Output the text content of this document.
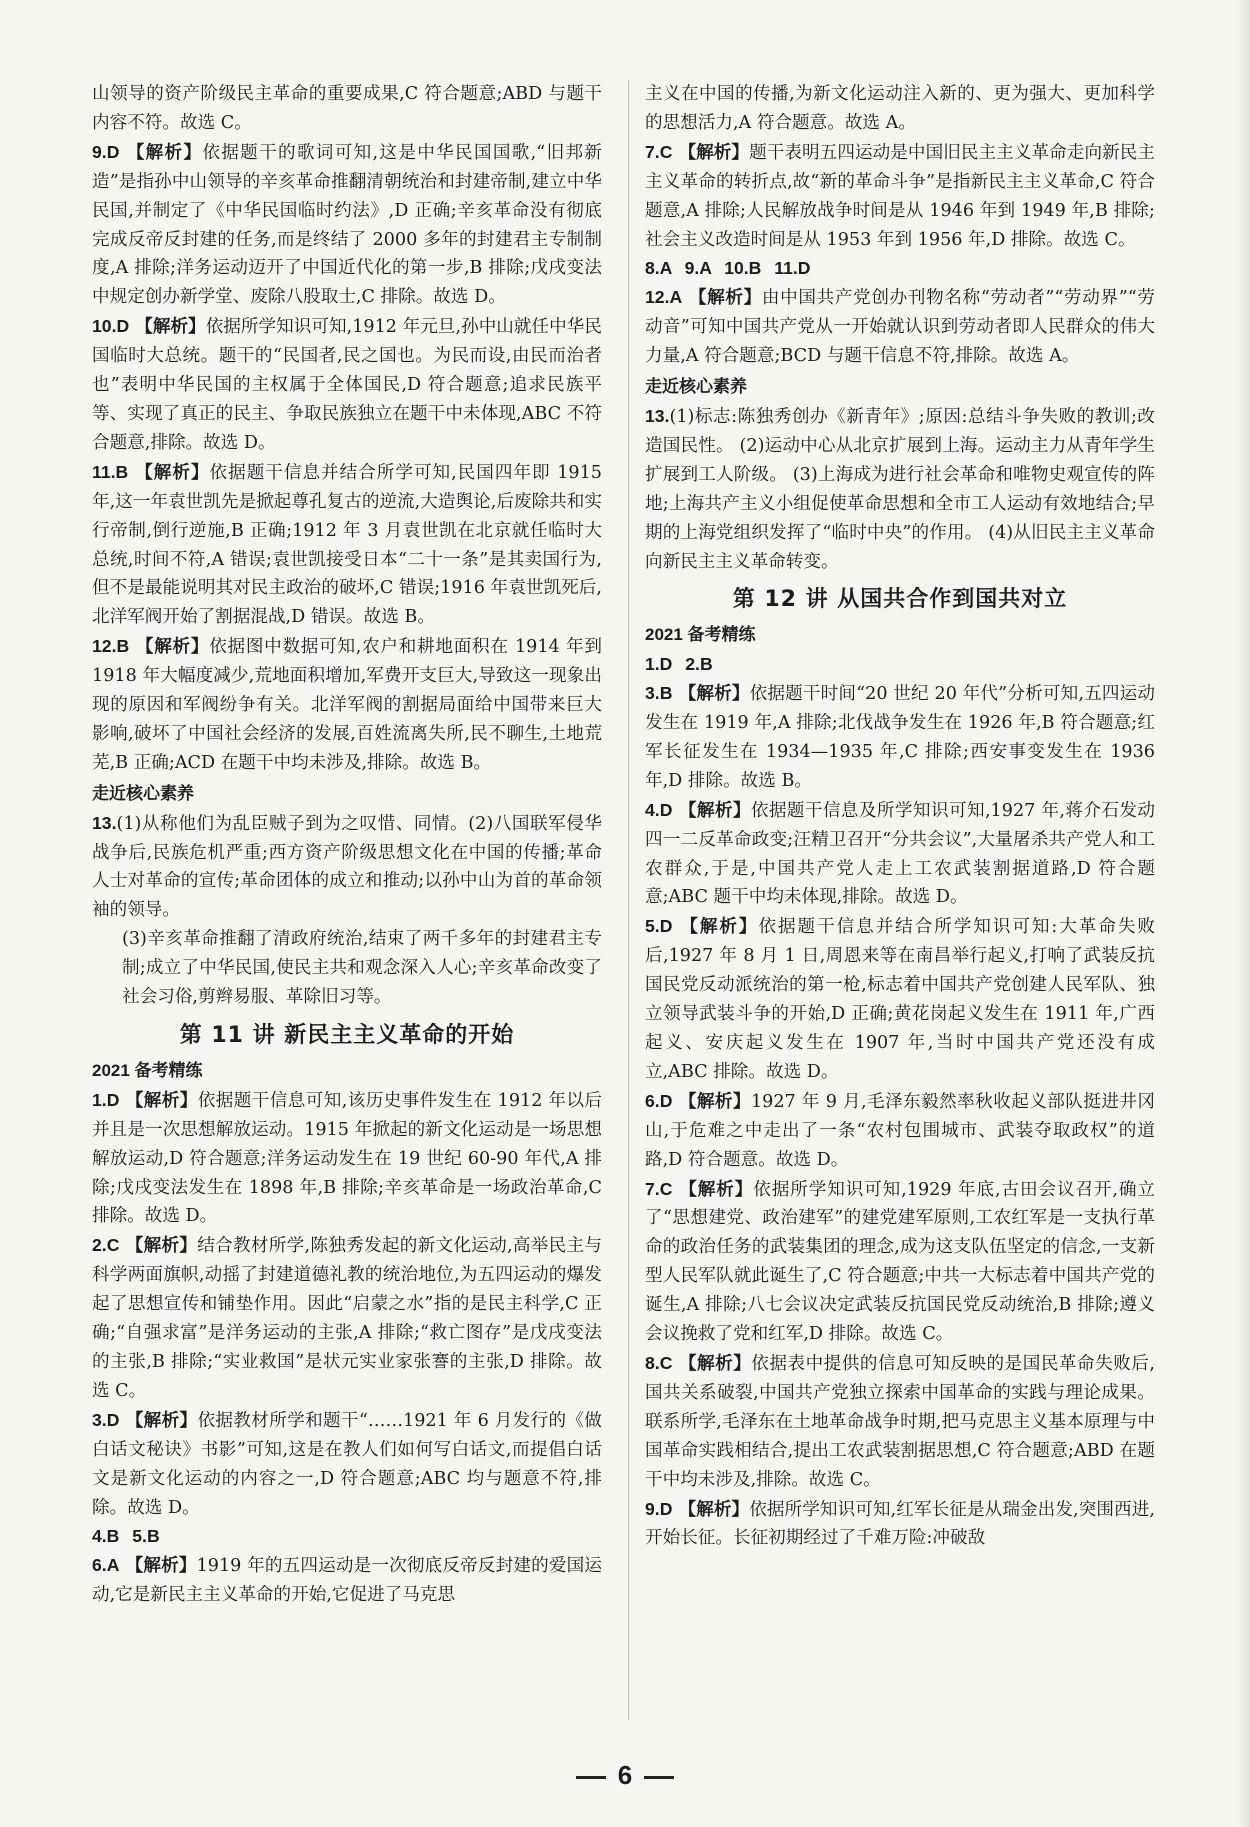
山领导的资产阶级民主革命的重要成果,C 符合题意;ABD 与题干内容不符。故选 C。

9.D 【解析】依据题干的歌词可知,这是中华民国国歌,“旧邦新造”是指孙中山领导的辛亥革命推翻清朝统治和封建帝制,建立中华民国,并制定了《中华民国临时约法》,D 正确;辛亥革命没有彻底完成反帝反封建的任务,而是终结了 2000 多年的封建君主专制制度,A 排除;洋务运动迈开了中国近代化的第一步,B 排除;戊戌变法中规定创办新学堂、废除八股取士,C 排除。故选 D。

10.D 【解析】依据所学知识可知,1912 年元旦,孙中山就任中华民国临时大总统。题干的“民国者,民之国也。为民而设,由民而治者也”表明中华民国的主权属于全体国民,D 符合题意;追求民族平等、实现了真正的民主、争取民族独立在题干中未体现,ABC 不符合题意,排除。故选 D。

11.B 【解析】依据题干信息并结合所学可知,民国四年即 1915 年,这一年袁世凯先是掀起尊孔复古的逆流,大造舆论,后废除共和实行帝制,倒行逆施,B 正确;1912 年 3 月袁世凯在北京就任临时大总统,时间不符,A 错误;袁世凯接受日本“二十一条”是其卖国行为,但不是最能说明其对民主政治的破坏,C 错误;1916 年袁世凯死后,北洋军阀开始了割据混战,D 错误。故选 B。

12.B 【解析】依据图中数据可知,农户和耕地面积在 1914 年到 1918 年大幅度减少,荒地面积增加,军费开支巨大,导致这一现象出现的原因和军阀纷争有关。北洋军阀的割据局面给中国带来巨大影响,破坏了中国社会经济的发展,百姓流离失所,民不聊生,土地荒芜,B 正确;ACD 在题干中均未涉及,排除。故选 B。

走近核心素养

13.(1)从称他们为乱臣贼子到为之叹惜、同情。(2)八国联军侵华战争后,民族危机严重;西方资产阶级思想文化在中国的传播;革命人士对革命的宣传;革命团体的成立和推动;以孙中山为首的革命领袖的领导。

(3)辛亥革命推翻了清政府统治,结束了两千多年的封建君主专制;成立了中华民国,使民主共和观念深入人心;辛亥革命改变了社会习俗,剪辫易服、革除旧习等。

第 11 讲 新民主主义革命的开始

2021 备考精练

1.D 【解析】依据题干信息可知,该历史事件发生在 1912 年以后并且是一次思想解放运动。1915 年掀起的新文化运动是一场思想解放运动,D 符合题意;洋务运动发生在 19 世纪 60-90 年代,A 排除;戊戌变法发生在 1898 年,B 排除;辛亥革命是一场政治革命,C 排除。故选 D。

2.C 【解析】结合教材所学,陈独秀发起的新文化运动,高举民主与科学两面旗帜,动摇了封建道德礼教的统治地位,为五四运动的爆发起了思想宣传和铺垫作用。因此“启蒙之水”指的是民主科学,C 正确;“自强求富”是洋务运动的主张,A 排除;“救亡图存”是戊戌变法的主张,B 排除;“实业救国”是状元实业家张謇的主张,D 排除。故选 C。

3.D 【解析】依据教材所学和题干“……1921 年 6 月发行的《做白话文秘诀》书影”可知,这是在教人们如何写白话文,而提倡白话文是新文化运动的内容之一,D 符合题意;ABC 均与题意不符,排除。故选 D。

4.B 5.B

6.A 【解析】1919 年的五四运动是一次彻底反帝反封建的爱国运动,它是新民主主义革命的开始,它促进了马克思

主义在中国的传播,为新文化运动注入新的、更为强大、更加科学的思想活力,A 符合题意。故选 A。

7.C 【解析】题干表明五四运动是中国旧民主主义革命走向新民主主义革命的转折点,故“新的革命斗争”是指新民主主义革命,C 符合题意,A 排除;人民解放战争时间是从 1946 年到 1949 年,B 排除;社会主义改造时间是从 1953 年到 1956 年,D 排除。故选 C。

8.A 9.A 10.B 11.D

12.A 【解析】由中国共产党创办刊物名称“劳动者”“劳动界”“劳动音”可知中国共产党从一开始就认识到劳动者即人民群众的伟大力量,A 符合题意;BCD 与题干信息不符,排除。故选 A。

走近核心素养

13.(1)标志:陈独秀创办《新青年》;原因:总结斗争失败的教训;改造国民性。 (2)运动中心从北京扩展到上海。运动主力从青年学生扩展到工人阶级。 (3)上海成为进行社会革命和唯物史观宣传的阵地;上海共产主义小组促使革命思想和全市工人运动有效地结合;早期的上海党组织发挥了“临时中央”的作用。 (4)从旧民主主义革命向新民主主义革命转变。

第 12 讲 从国共合作到国共对立

2021 备考精练

1.D 2.B

3.B 【解析】依据题干时间“20 世纪 20 年代”分析可知,五四运动发生在 1919 年,A 排除;北伐战争发生在 1926 年,B 符合题意;红军长征发生在 1934—1935 年,C 排除;西安事变发生在 1936 年,D 排除。故选 B。

4.D 【解析】依据题干信息及所学知识可知,1927 年,蒋介石发动四一二反革命政变;汪精卫召开“分共会议”,大量屠杀共产党人和工农群众,于是,中国共产党人走上工农武装割据道路,D 符合题意;ABC 题干中均未体现,排除。故选 D。

5.D 【解析】依据题干信息并结合所学知识可知:大革命失败后,1927 年 8 月 1 日,周恩来等在南昌举行起义,打响了武装反抗国民党反动派统治的第一枪,标志着中国共产党创建人民军队、独立领导武装斗争的开始,D 正确;黄花岗起义发生在 1911 年,广西起义、安庆起义发生在 1907 年,当时中国共产党还没有成立,ABC 排除。故选 D。

6.D 【解析】1927 年 9 月,毛泽东毅然率秋收起义部队挺进井冈山,于危难之中走出了一条“农村包围城市、武装夺取政权”的道路,D 符合题意。故选 D。

7.C 【解析】依据所学知识可知,1929 年底,古田会议召开,确立了“思想建党、政治建军”的建党建军原则,工农红军是一支执行革命的政治任务的武装集团的理念,成为这支队伍坚定的信念,一支新型人民军队就此诞生了,C 符合题意;中共一大标志着中国共产党的诞生,A 排除;八七会议决定武装反抗国民党反动统治,B 排除;遵义会议挽救了党和红军,D 排除。故选 C。

8.C 【解析】依据表中提供的信息可知反映的是国民革命失败后,国共关系破裂,中国共产党独立探索中国革命的实践与理论成果。联系所学,毛泽东在土地革命战争时期,把马克思主义基本原理与中国革命实践相结合,提出工农武装割据思想,C 符合题意;ABD 在题干中均未涉及,排除。故选 C。

9.D 【解析】依据所学知识可知,红军长征是从瑞金出发,突围西进,开始长征。长征初期经过了千难万险:冲破敌

6
